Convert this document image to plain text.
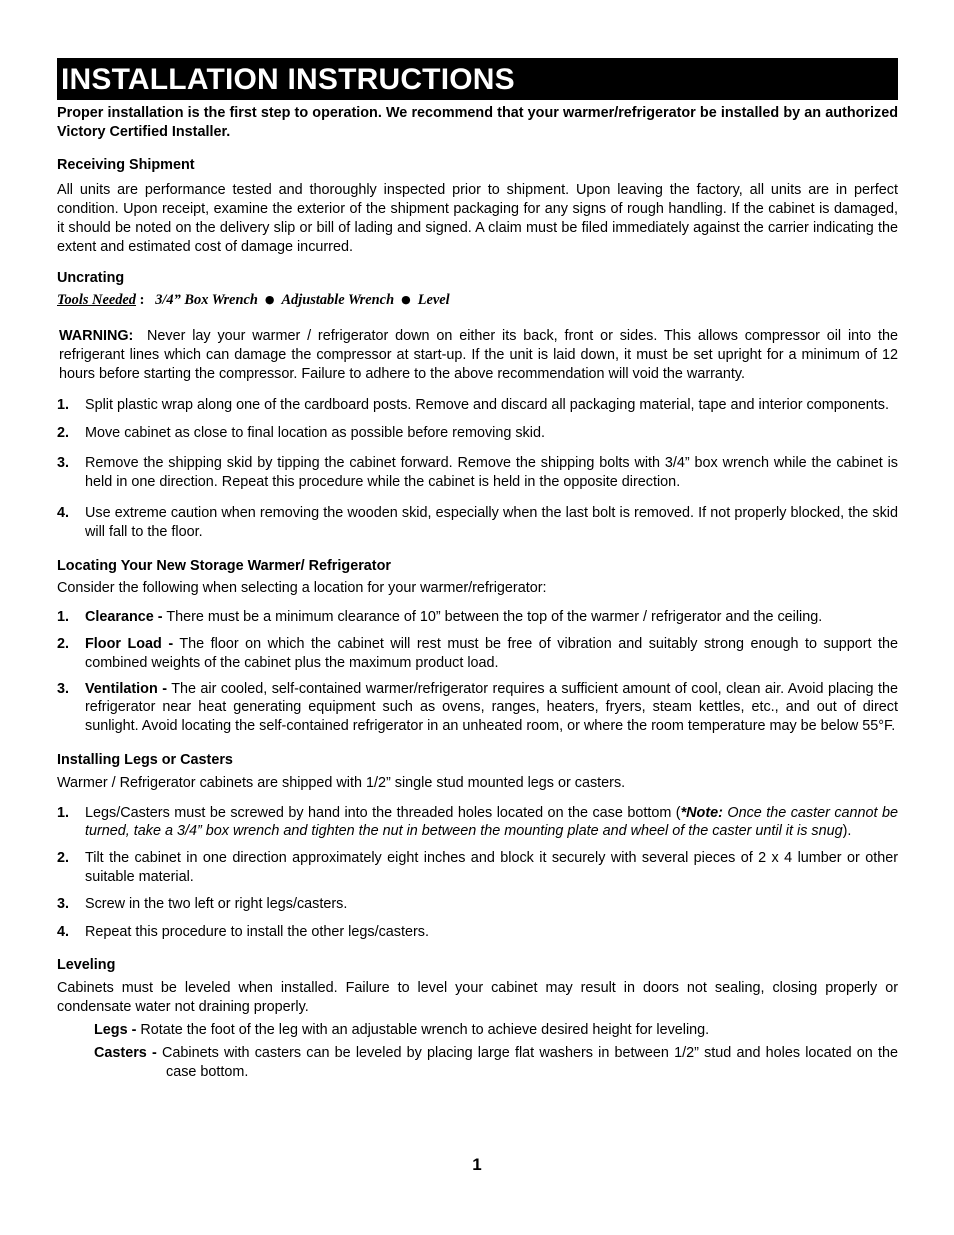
INSTALLATION INSTRUCTIONS

Proper installation is the first step to operation. We recommend that your warmer/refrigerator be installed by an authorized Victory Certified Installer.

Receiving Shipment

All units are performance tested and thoroughly inspected prior to shipment. Upon leaving the factory, all units are in perfect condition. Upon receipt, examine the exterior of the shipment packaging for any signs of rough handling. If the cabinet is damaged, it should be noted on the delivery slip or bill of lading and signed. A claim must be filed immediately against the carrier indicating the extent and estimated cost of damage incurred.

Uncrating
Tools Needed : 3/4” Box Wrench ● Adjustable Wrench ● Level

WARNING: Never lay your warmer / refrigerator down on either its back, front or sides. This allows compressor oil into the refrigerant lines which can damage the compressor at start-up. If the unit is laid down, it must be set upright for a minimum of 12 hours before starting the compressor. Failure to adhere to the above recommendation will void the warranty.

1. Split plastic wrap along one of the cardboard posts. Remove and discard all packaging material, tape and interior components.
2. Move cabinet as close to final location as possible before removing skid.
3. Remove the shipping skid by tipping the cabinet forward. Remove the shipping bolts with 3/4” box wrench while the cabinet is held in one direction. Repeat this procedure while the cabinet is held in the opposite direction.
4. Use extreme caution when removing the wooden skid, especially when the last bolt is removed. If not properly blocked, the skid will fall to the floor.
Locating Your New Storage Warmer/ Refrigerator

Consider the following when selecting a location for your warmer/refrigerator:

1. Clearance - There must be a minimum clearance of 10” between the top of the warmer / refrigerator and the ceiling.
2. Floor Load - The floor on which the cabinet will rest must be free of vibration and suitably strong enough to support the combined weights of the cabinet plus the maximum product load.
3. Ventilation - The air cooled, self-contained warmer/refrigerator requires a sufficient amount of cool, clean air. Avoid placing the refrigerator near heat generating equipment such as ovens, ranges, heaters, fryers, steam kettles, etc., and out of direct sunlight. Avoid locating the self-contained refrigerator in an unheated room, or where the room temperature may be below 55°F.
Installing Legs or Casters

Warmer / Refrigerator cabinets are shipped with 1/2” single stud mounted legs or casters.

1. Legs/Casters must be screwed by hand into the threaded holes located on the case bottom (*Note: Once the caster cannot be turned, take a 3/4” box wrench and tighten the nut in between the mounting plate and wheel of the caster until it is snug).
2. Tilt the cabinet in one direction approximately eight inches and block it securely with several pieces of 2 x 4 lumber or other suitable material.
3. Screw in the two left or right legs/casters.
4. Repeat this procedure to install the other legs/casters.
Leveling

Cabinets must be leveled when installed. Failure to level your cabinet may result in doors not sealing, closing properly or condensate water not draining properly.

Legs - Rotate the foot of the leg with an adjustable wrench to achieve desired height for leveling.
Casters - Cabinets with casters can be leveled by placing large flat washers in between 1/2” stud and holes located on the case bottom.
1
